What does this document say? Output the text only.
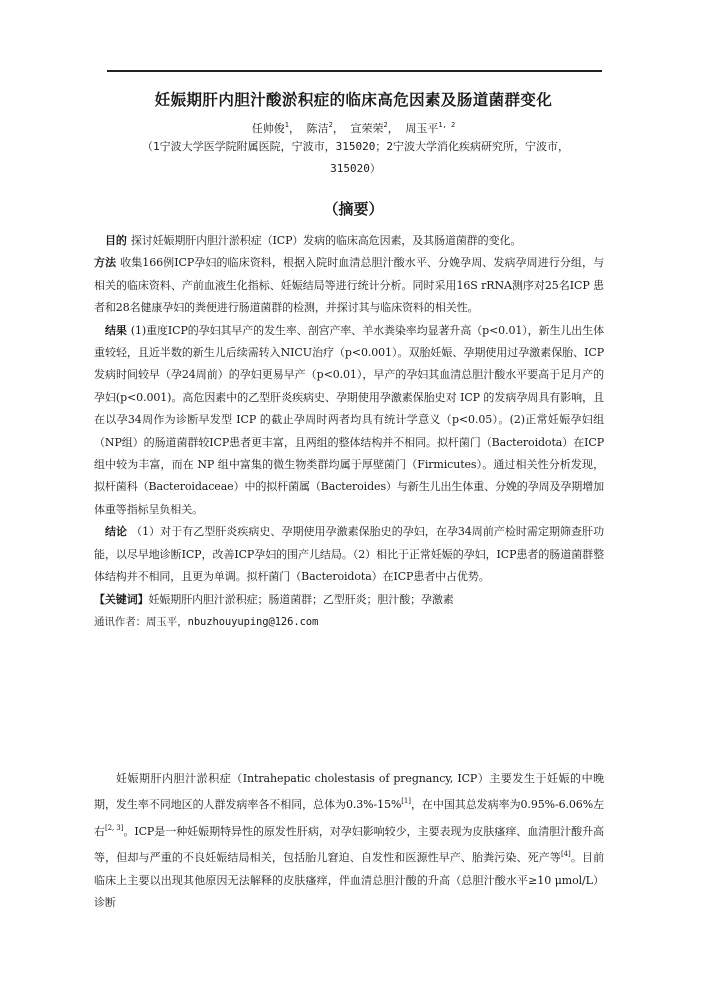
妊娠期肝内胆汁酸淤积症的临床高危因素及肠道菌群变化
任帅俊$^1$， 陈洁$^2$， 宣荣荣$^2$， 周玉平$^{1, 2}$
（1宁波大学医学院附属医院，宁波市，315020；2宁波大学消化疾病研究所，宁波市，
315020）
（摘要）

目的 探讨妊娠期肝内胆汁淤积症（ICP）发病的临床高危因素，及其肠道菌群的变化。

方法 收集166例ICP孕妇的临床资料，根据入院时血清总胆汁酸水平、分娩孕周、发病孕周进行分组，与相关的临床资料、产前血液生化指标、妊娠结局等进行统计分析。同时采用16S rRNA测序对25名ICP 患者和28名健康孕妇的粪便进行肠道菌群的检测，并探讨其与临床资料的相关性。

结果 (1)重度ICP的孕妇其早产的发生率、剖宫产率、羊水粪染率均显著升高（p<0.01），新生儿出生体重较轻，且近半数的新生儿后续需转入NICU治疗（p<0.001）。双胎妊娠、孕期使用过孕激素保胎、ICP发病时间较早（孕24周前）的孕妇更易早产（p<0.01），早产的孕妇其血清总胆汁酸水平要高于足月产的孕妇(p<0.001)。高危因素中的乙型肝炎疾病史、孕期使用孕激素保胎史对 ICP 的发病孕周具有影响，且在以孕34周作为诊断早发型 ICP 的截止孕周时两者均具有统计学意义（p<0.05）。(2)正常妊娠孕妇组（NP组）的肠道菌群较ICP患者更丰富，且两组的整体结构并不相同。拟杆菌门（Bacteroidota）在ICP组中较为丰富，而在 NP 组中富集的微生物类群均属于厚壁菌门（Firmicutes）。通过相关性分析发现，拟杆菌科（Bacteroidaceae）中的拟杆菌属（Bacteroides）与新生儿出生体重、分娩的孕周及孕期增加体重等指标呈负相关。

结论 （1）对于有乙型肝炎疾病史、孕期使用孕激素保胎史的孕妇，在孕34周前产检时需定期筛查肝功能，以尽早地诊断ICP，改善ICP孕妇的围产儿结局。（2）相比于正常妊娠的孕妇，ICP患者的肠道菌群整体结构并不相同，且更为单调。拟杆菌门（Bacteroidota）在ICP患者中占优势。

【关键词】妊娠期肝内胆汁淤积症；肠道菌群；乙型肝炎；胆汁酸；孕激素

通讯作者：周玉平，nbuzhouyuping@126.com

妊娠期肝内胆汁淤积症（Intrahepatic cholestasis of pregnancy, ICP）主要发生于妊娠的中晚期，发生率不同地区的人群发病率各不相同，总体为0.3%-15%[1]，在中国其总发病率为0.95%-6.06%左右[2, 3]。ICP是一种妊娠期特异性的原发性肝病，对孕妇影响较少，主要表现为皮肤瘙痒、血清胆汁酸升高等，但却与严重的不良妊娠结局相关，包括胎儿窘迫、自发性和医源性早产、胎粪污染、死产等[4]。目前临床上主要以出现其他原因无法解释的皮肤瘙痒，伴血清总胆汁酸的升高（总胆汁酸水平≥10 μmol/L）诊断
